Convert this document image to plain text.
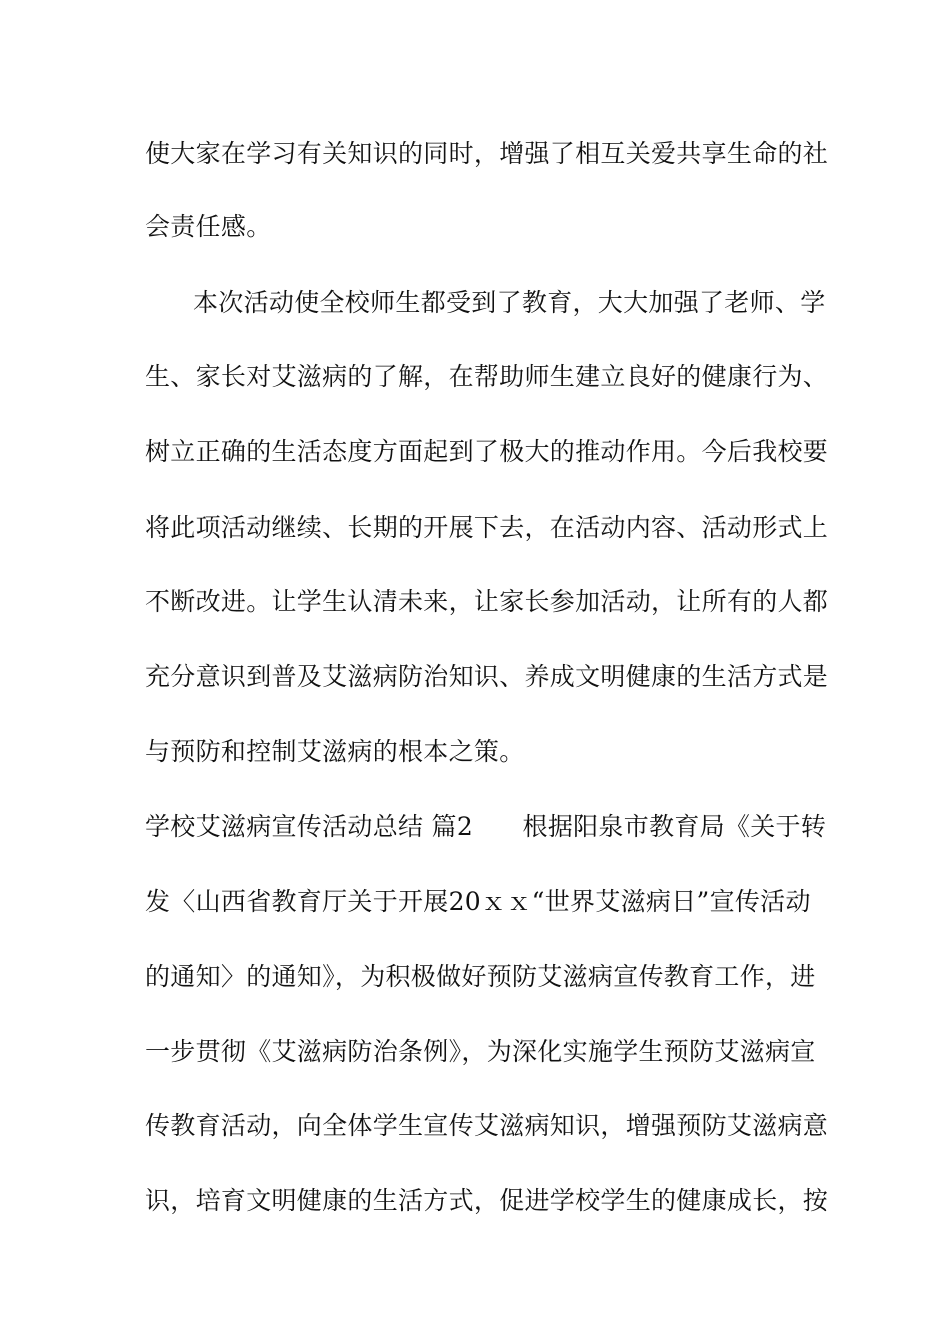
使大家在学习有关知识的同时，增强了相互关爱共享生命的社
会责任感。
本次活动使全校师生都受到了教育，大大加强了老师、学
生、家长对艾滋病的了解，在帮助师生建立良好的健康行为、
树立正确的生活态度方面起到了极大的推动作用。今后我校要
将此项活动继续、长期的开展下去，在活动内容、活动形式上
不断改进。让学生认清未来，让家长参加活动，让所有的人都
充分意识到普及艾滋病防治知识、养成文明健康的生活方式是
与预防和控制艾滋病的根本之策。
学校艾滋病宣传活动总结 篇2      根据阳泉市教育局《关于转
发〈山西省教育厅关于开展20ｘｘ“世界艾滋病日”宣传活动
的通知〉的通知》，为积极做好预防艾滋病宣传教育工作，进
一步贯彻《艾滋病防治条例》，为深化实施学生预防艾滋病宣
传教育活动，向全体学生宣传艾滋病知识，增强预防艾滋病意
识，培育文明健康的生活方式，促进学校学生的健康成长，按
